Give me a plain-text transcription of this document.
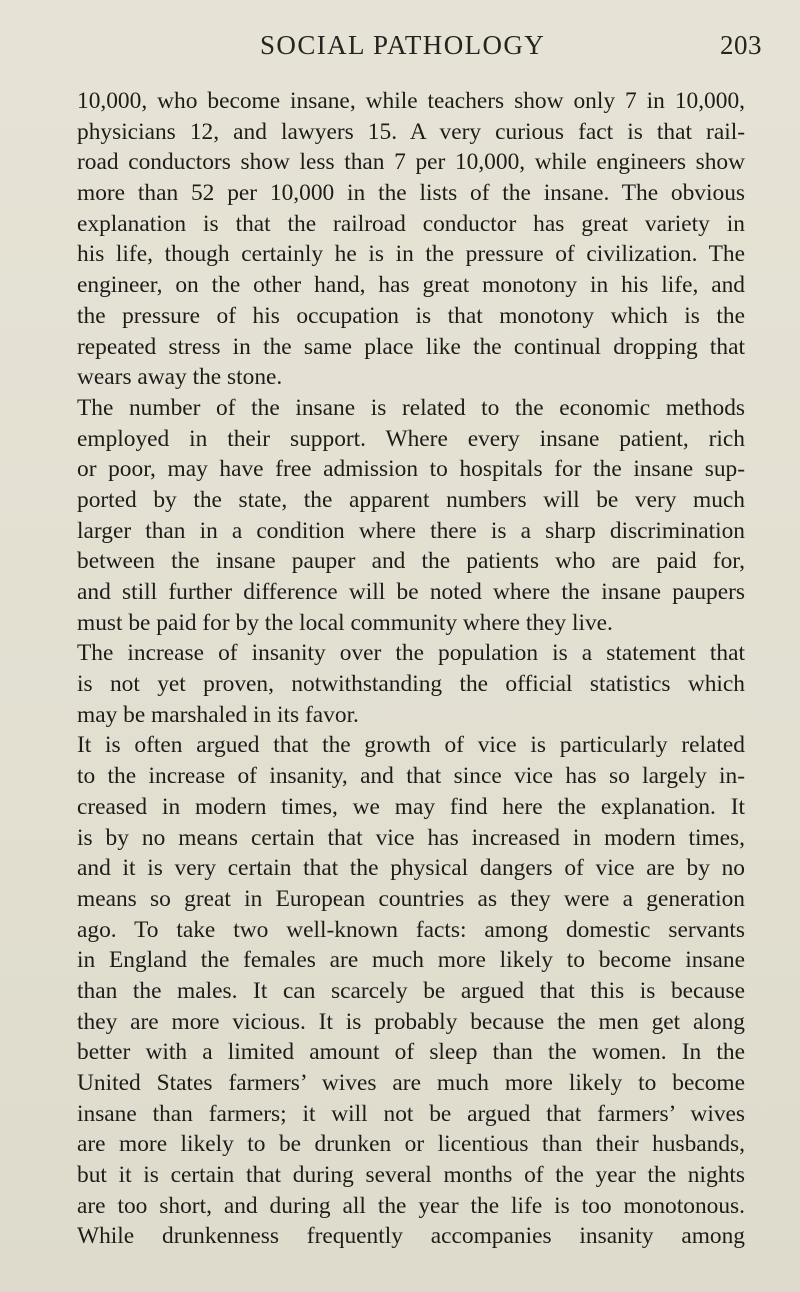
SOCIAL PATHOLOGY	203
10,000, who become insane, while teachers show only 7 in 10,000,
physicians 12, and lawyers 15. A very curious fact is that rail-
road conductors show less than 7 per 10,000, while engineers show
more than 52 per 10,000 in the lists of the insane. The obvious
explanation is that the railroad conductor has great variety in
his life, though certainly he is in the pressure of civilization. The
engineer, on the other hand, has great monotony in his life, and
the pressure of his occupation is that monotony which is the
repeated stress in the same place like the continual dropping that
wears away the stone.
The number of the insane is related to the economic methods
employed in their support. Where every insane patient, rich
or poor, may have free admission to hospitals for the insane sup-
ported by the state, the apparent numbers will be very much
larger than in a condition where there is a sharp discrimination
between the insane pauper and the patients who are paid for,
and still further difference will be noted where the insane paupers
must be paid for by the local community where they live.
The increase of insanity over the population is a statement that
is not yet proven, notwithstanding the official statistics which
may be marshaled in its favor.
It is often argued that the growth of vice is particularly related
to the increase of insanity, and that since vice has so largely in-
creased in modern times, we may find here the explanation. It
is by no means certain that vice has increased in modern times,
and it is very certain that the physical dangers of vice are by no
means so great in European countries as they were a generation
ago. To take two well-known facts: among domestic servants
in England the females are much more likely to become insane
than the males. It can scarcely be argued that this is because
they are more vicious. It is probably because the men get along
better with a limited amount of sleep than the women. In the
United States farmers’ wives are much more likely to become
insane than farmers; it will not be argued that farmers’ wives
are more likely to be drunken or licentious than their husbands,
but it is certain that during several months of the year the nights
are too short, and during all the year the life is too monotonous.
While drunkenness frequently accompanies insanity among
